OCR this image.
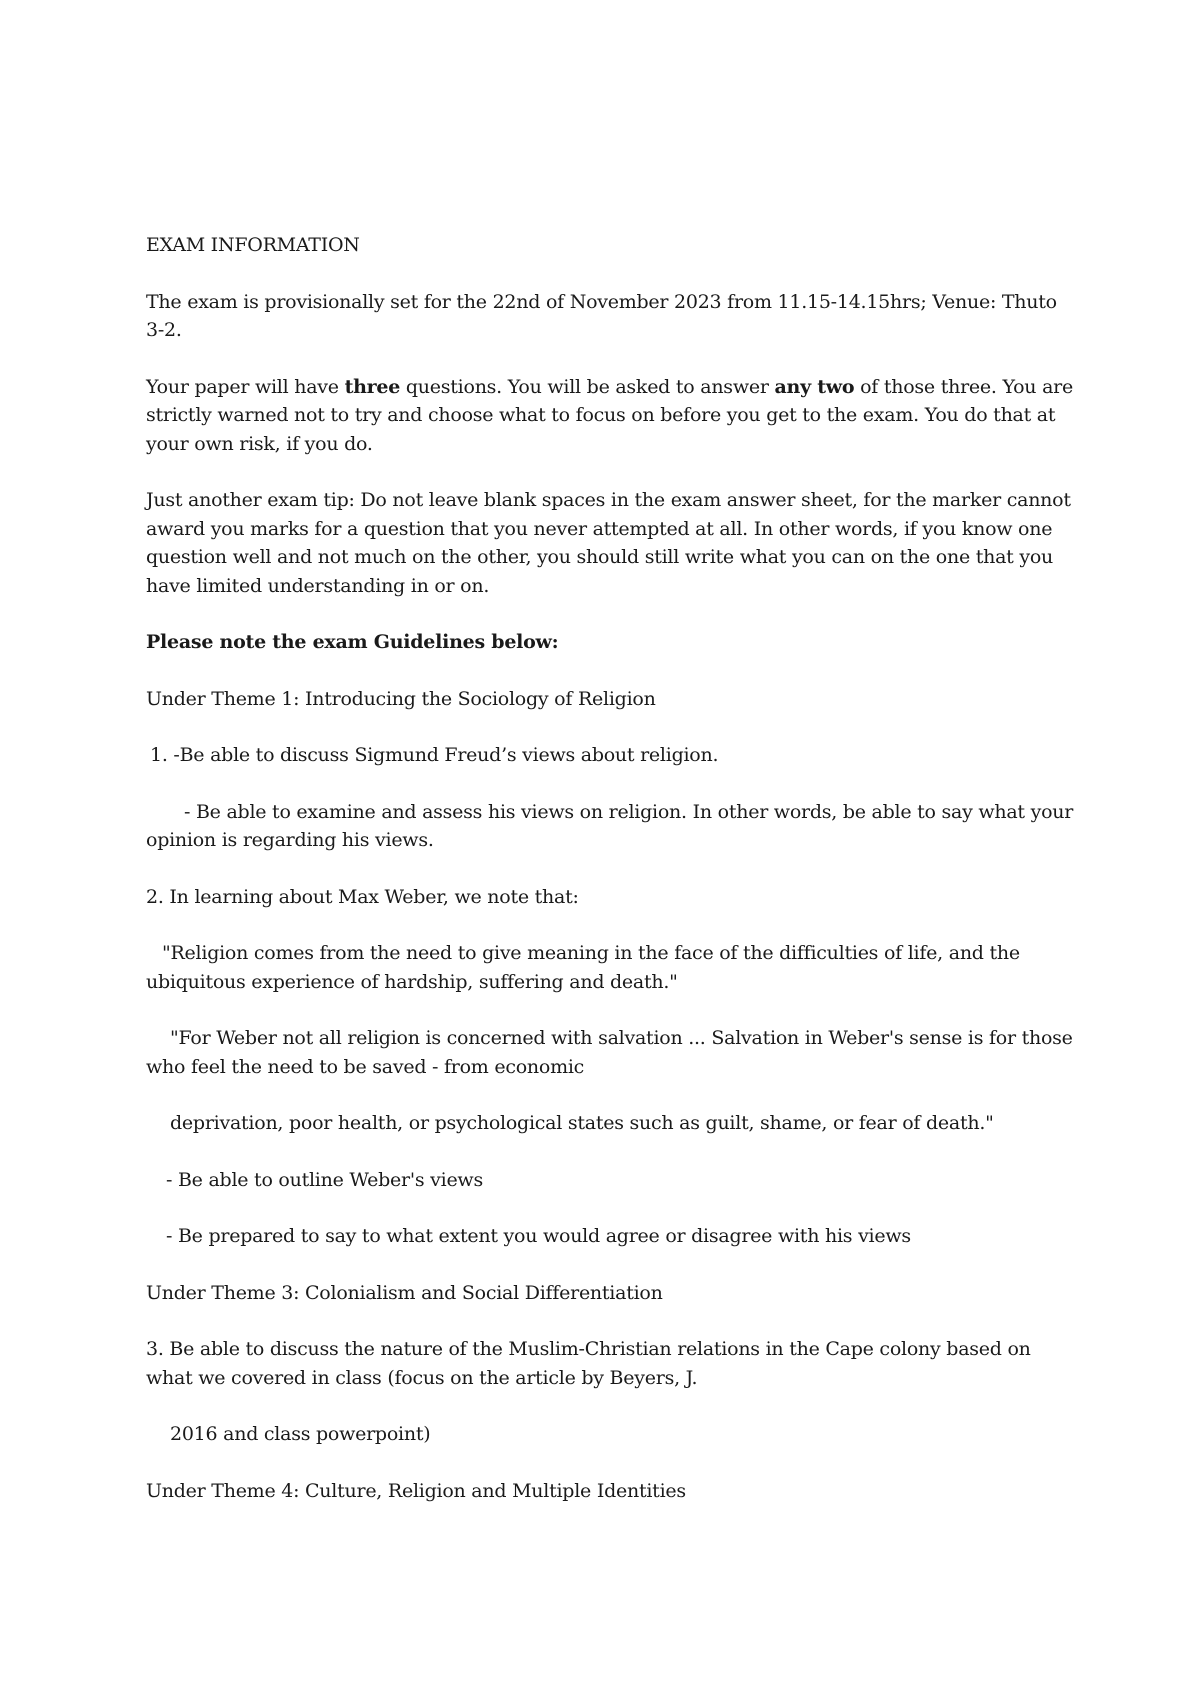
EXAM INFORMATION

The exam is provisionally set for the 22nd of November 2023 from 11.15-14.15hrs; Venue: Thuto 3-2.

Your paper will have three questions. You will be asked to answer any two of those three. You are strictly warned not to try and choose what to focus on before you get to the exam. You do that at your own risk, if you do.

Just another exam tip: Do not leave blank spaces in the exam answer sheet, for the marker cannot award you marks for a question that you never attempted at all. In other words, if you know one question well and not much on the other, you should still write what you can on the one that you have limited understanding in or on.

Please note the exam Guidelines below:

Under Theme 1: Introducing the Sociology of Religion

1. -Be able to discuss Sigmund Freud’s views about religion.

- Be able to examine and assess his views on religion. In other words, be able to say what your opinion is regarding his views.

2. In learning about Max Weber, we note that:

"Religion comes from the need to give meaning in the face of the difficulties of life, and the ubiquitous experience of hardship, suffering and death."

"For Weber not all religion is concerned with salvation ... Salvation in Weber's sense is for those who feel the need to be saved - from economic

deprivation, poor health, or psychological states such as guilt, shame, or fear of death."

- Be able to outline Weber's views

- Be prepared to say to what extent you would agree or disagree with his views

Under Theme 3: Colonialism and Social Differentiation

3. Be able to discuss the nature of the Muslim-Christian relations in the Cape colony based on what we covered in class (focus on the article by Beyers, J.

2016 and class powerpoint)

Under Theme 4: Culture, Religion and Multiple Identities
